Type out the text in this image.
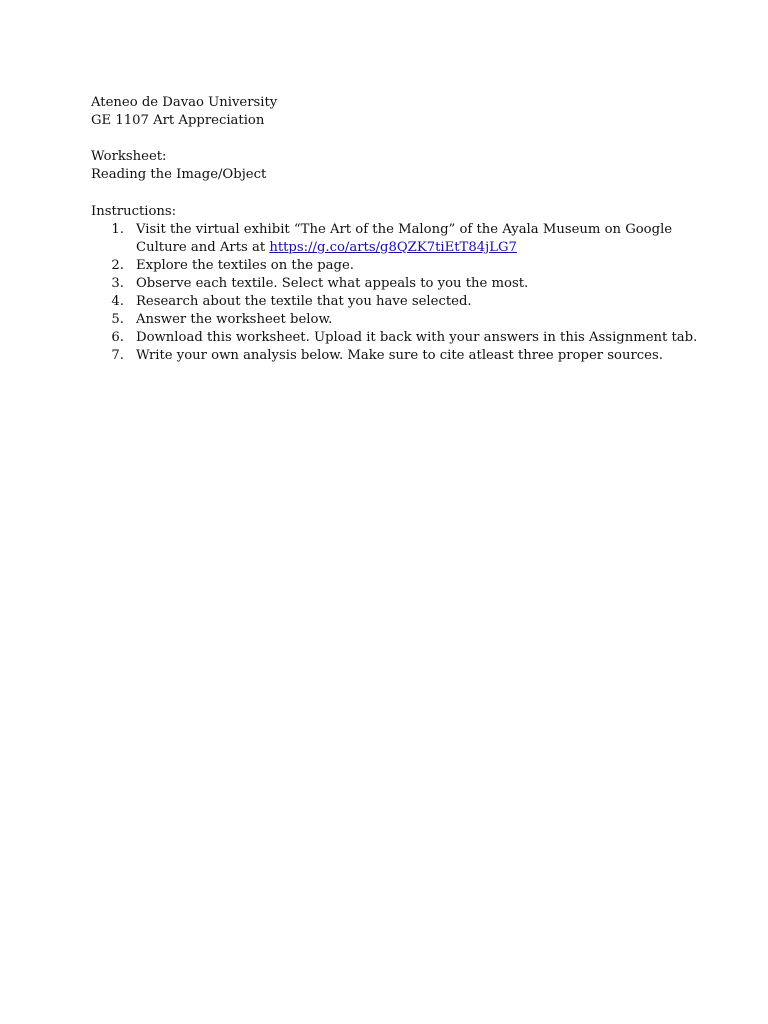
Ateneo de Davao University
GE 1107 Art Appreciation
Worksheet:
Reading the Image/Object
Instructions:
1. Visit the virtual exhibit “The Art of the Malong” of the Ayala Museum on Google
Culture and Arts at https://g.co/arts/g8QZK7tiEtT84jLG7
2. Explore the textiles on the page.
3. Observe each textile. Select what appeals to you the most.
4. Research about the textile that you have selected.
5. Answer the worksheet below.
6. Download this worksheet. Upload it back with your answers in this Assignment tab.
7. Write your own analysis below. Make sure to cite atleast three proper sources.
